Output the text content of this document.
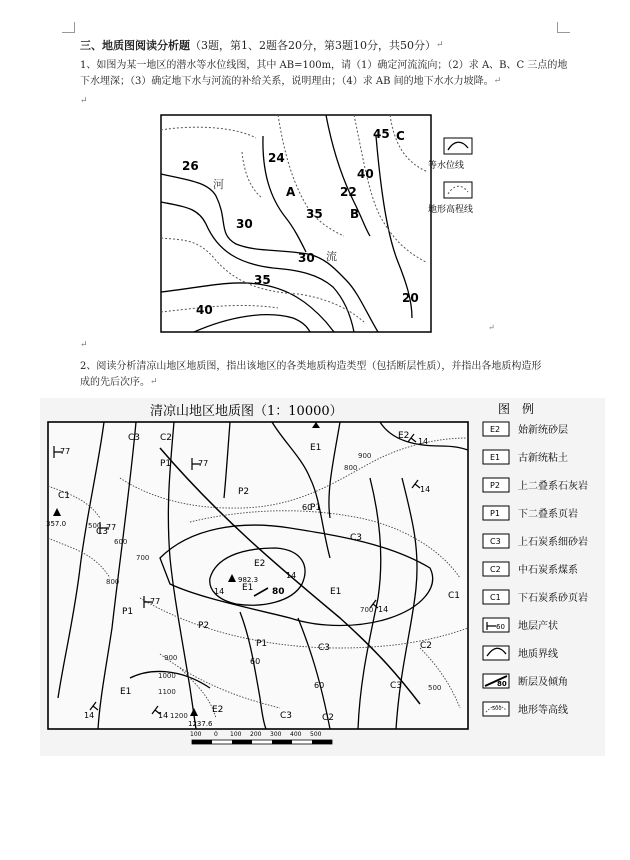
三、地质图阅读分析题（3题，第1、2题各20分，第3题10分，共50分） ↵
1、如图为某一地区的潜水等水位线图，其中 AB=100m，请（1）确定河流流向；（2）求 A、B、C 三点的地
下水埋深；（3）确定地下水与河流的补给关系，说明理由；（4）求 AB 间的地下水水力坡降。 ↵
↵
26
24
45 C
40
A	22
30
35 B
30
35
20
40
河
流
等水位线
地形高程线
↵
↵
2、阅读分析清凉山地区地质图，指出该地区的各类地质构造类型（包括断层性质），并指出各地质构造形
成的先后次序。 ↵
清凉山地区地质图（1：10000）
C3
P1
C2
E1
E2
C1	P2
P1
C3
E2
E1	E1
P1
P2
P1	C3
E1
E2
C3	C2
C3
C3
C2
C1
77
77
77
77
14
14
60
14
14
14
60
60
14	14
900
800
500
600
700
800
700
900
1000
1100
1200
500
80
357.0
982.3
1237.6
100 0 100 200 300 400 500
图　例
E2 始新统砂层
E1 古新统粘土
P2 上二叠系石灰岩
P1 下二叠系页岩
C3 上石炭系细砂岩
C2 中石炭系煤系
C1 下石炭系砂页岩
60 地层产状
地质界线
80 断层及倾角
500 地形等高线
